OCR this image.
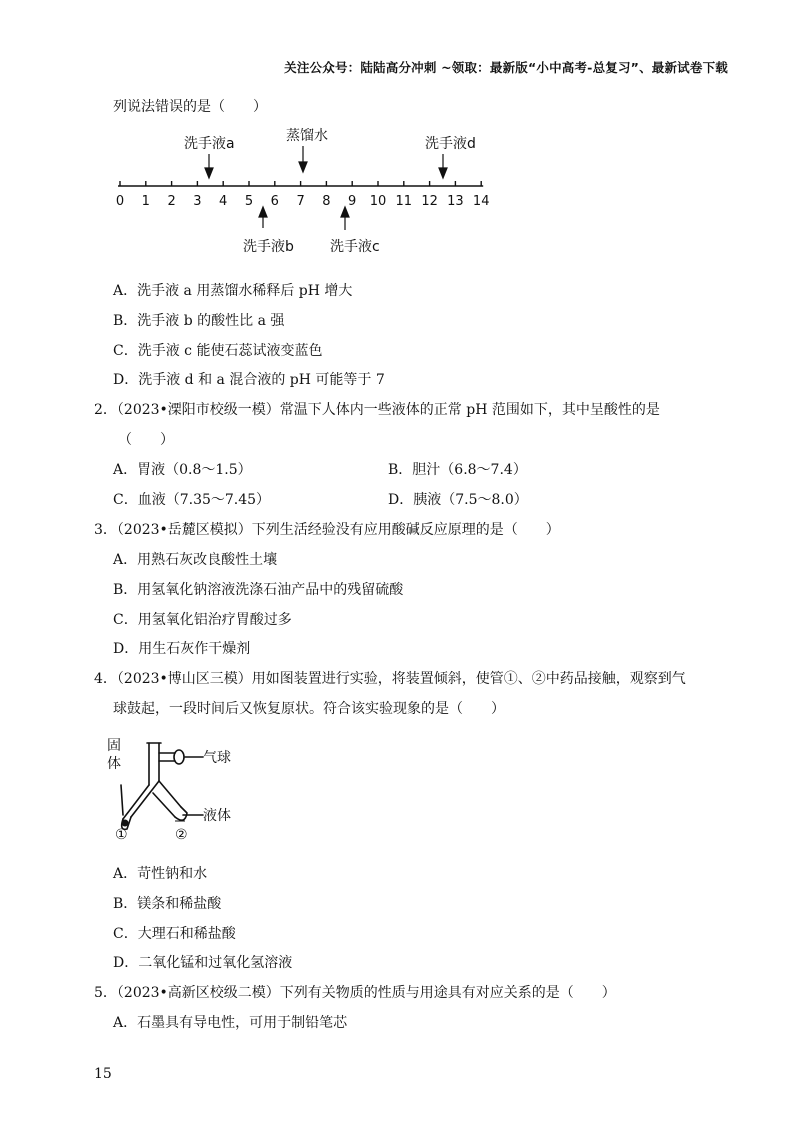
关注公众号：陆陆高分冲刺 ~领取：最新版“小中高考-总复习”、最新试卷下载
列说法错误的是（　　）
0 1 2 3 4 5 6 7 8 9 10 11 12 13 14
洗手液a	蒸馏水	洗手液d
洗手液b	洗手液c
A．洗手液 a 用蒸馏水稀释后 pH 增大
B．洗手液 b 的酸性比 a 强
C．洗手液 c 能使石蕊试液变蓝色
D．洗手液 d 和 a 混合液的 pH 可能等于 7
2．（2023•溧阳市校级一模）常温下人体内一些液体的正常 pH 范围如下，其中呈酸性的是
（　　）
A．胃液（0.8～1.5）	B．胆汁（6.8～7.4）
C．血液（7.35～7.45）	D．胰液（7.5～8.0）
3．（2023•岳麓区模拟）下列生活经验没有应用酸碱反应原理的是（　　）
A．用熟石灰改良酸性土壤
B．用氢氧化钠溶液洗涤石油产品中的残留硫酸
C．用氢氧化铝治疗胃酸过多
D．用生石灰作干燥剂
4．（2023•博山区三模）用如图装置进行实验，将装置倾斜，使管①、②中药品接触，观察到气
球鼓起，一段时间后又恢复原状。符合该实验现象的是（　　）
固
体	气球
液体
①	②
A．苛性钠和水
B．镁条和稀盐酸
C．大理石和稀盐酸
D．二氧化锰和过氧化氢溶液
5．（2023•高新区校级二模）下列有关物质的性质与用途具有对应关系的是（　　）
A．石墨具有导电性，可用于制铅笔芯
15
